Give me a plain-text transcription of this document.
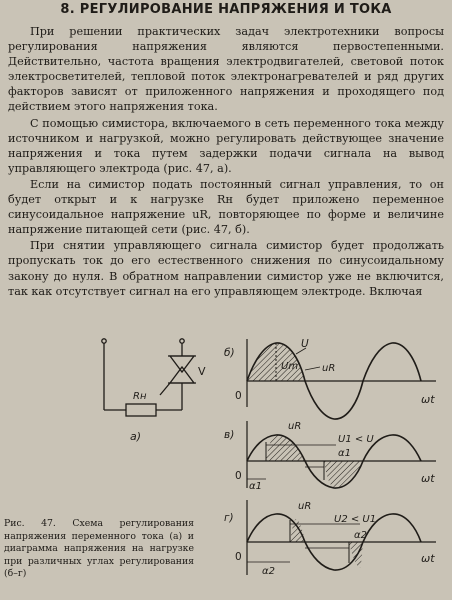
8. РЕГУЛИРОВАНИЕ НАПРЯЖЕНИЯ И ТОКА

При решении практических задач электротехники вопросы регулирования напряжения являются первостепенными. Действительно, частота вращения электродвигателей, световой поток электросветителей, тепловой поток электронагревателей и ряд других факторов зависят от приложенного напряжения и проходящего под действием этого напряжения тока.

С помощью симистора, включаемого в сеть переменного тока между источником и нагрузкой, можно регулировать действующее значение напряжения и тока путем задержки подачи сигнала на вывод управляющего электрода (рис. 47, а).

Если на симистор подать постоянный сигнал управления, то он будет открыт и к нагрузке Rн будет приложено переменное синусоидальное напряжение uR, повторяющее по форме и величине напряжение питающей сети (рис. 47, б).

При снятии управляющего сигнала симистор будет продолжать пропускать ток до его естественного снижения по синусоидальному закону до нуля. В обратном направлении симистор уже не включится, так как отсутствует сигнал на его управляющем электроде. Включая

V
Rн
а)
б)
U
Um uR
0	ωt
в)
uR
U1 < U
α1
α1
0	ωt
г)
uR
U2 < U1
α2
α2
0	ωt
Рис. 47. Схема регулирования напряжения переменного тока (а) и диаграмма напряжения на нагрузке при различных углах регулирования (б–г)
